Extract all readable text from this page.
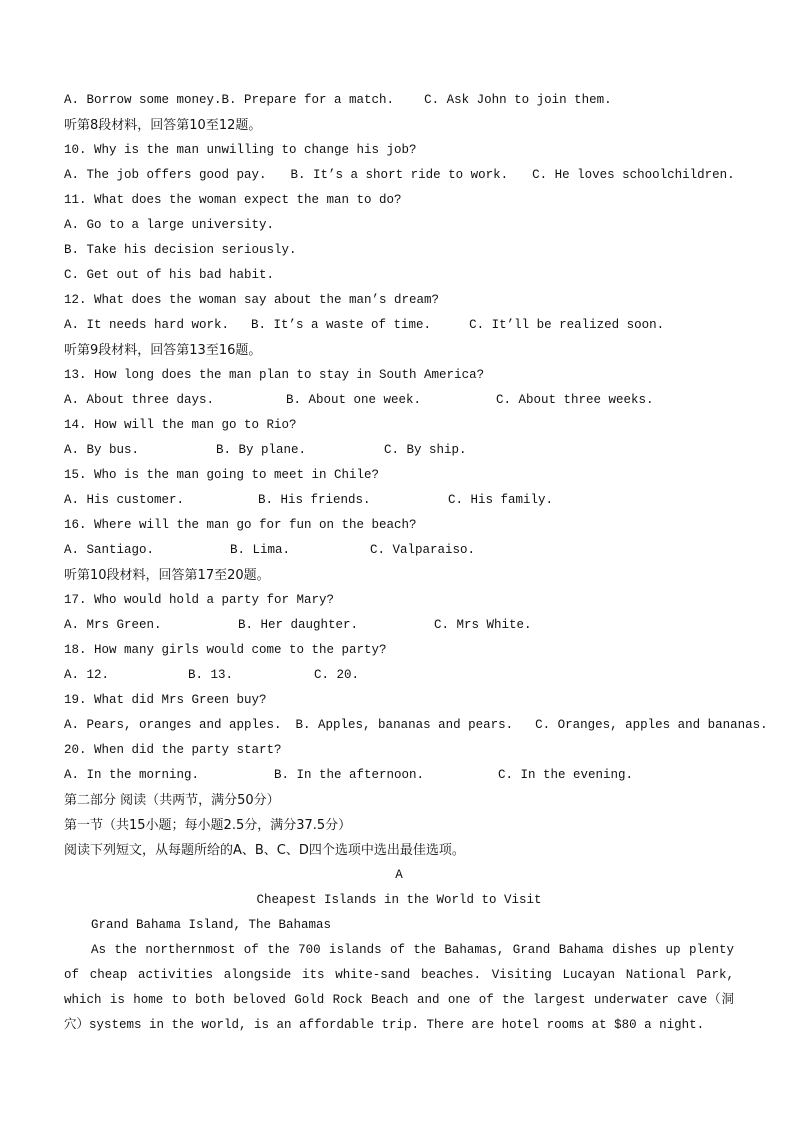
A. Borrow some money.B. Prepare for a match. C. Ask John to join them.
听第8段材料，回答第10至12题。
10. Why is the man unwilling to change his job?
A. The job offers good pay. B. It’s a short ride to work. C. He loves schoolchildren.
11. What does the woman expect the man to do?
A. Go to a large university.
B. Take his decision seriously.
C. Get out of his bad habit.
12. What does the woman say about the man’s dream?
A. It needs hard work. B. It’s a waste of time.	C. It’ll be realized soon.
听第9段材料，回答第13至16题。
13. How long does the man plan to stay in South America?
A. About three days.	B. About one week.	C. About three weeks.
14. How will the man go to Rio?
A. By bus.	B. By plane.	C. By ship.
15. Who is the man going to meet in Chile?
A. His customer.	B. His friends.	C. His family.
16. Where will the man go for fun on the beach?
A. Santiago.	B. Lima.	C. Valparaiso.
听第10段材料，回答第17至20题。
17. Who would hold a party for Mary?
A. Mrs Green.	B. Her daughter.	C. Mrs White.
18. How many girls would come to the party?
A. 12.	B. 13.	C. 20.
19. What did Mrs Green buy?
A. Pears, oranges and apples. B. Apples, bananas and pears. C. Oranges, apples and bananas.
20. When did the party start?
A. In the morning.	B. In the afternoon.	C. In the evening.
第二部分 阅读（共两节，满分50分）
第一节（共15小题；每小题2.5分，满分37.5分）
阅读下列短文，从每题所给的A、B、C、D四个选项中选出最佳选项。
A
Cheapest Islands in the World to Visit
Grand Bahama Island, The Bahamas

As the northernmost of the 700 islands of the Bahamas, Grand Bahama dishes up plenty of cheap activities alongside its white-sand beaches. Visiting Lucayan National Park, which is home to both beloved Gold Rock Beach and one of the largest underwater cave（洞穴）systems in the world, is an affordable trip. There are hotel rooms at $80 a night.
